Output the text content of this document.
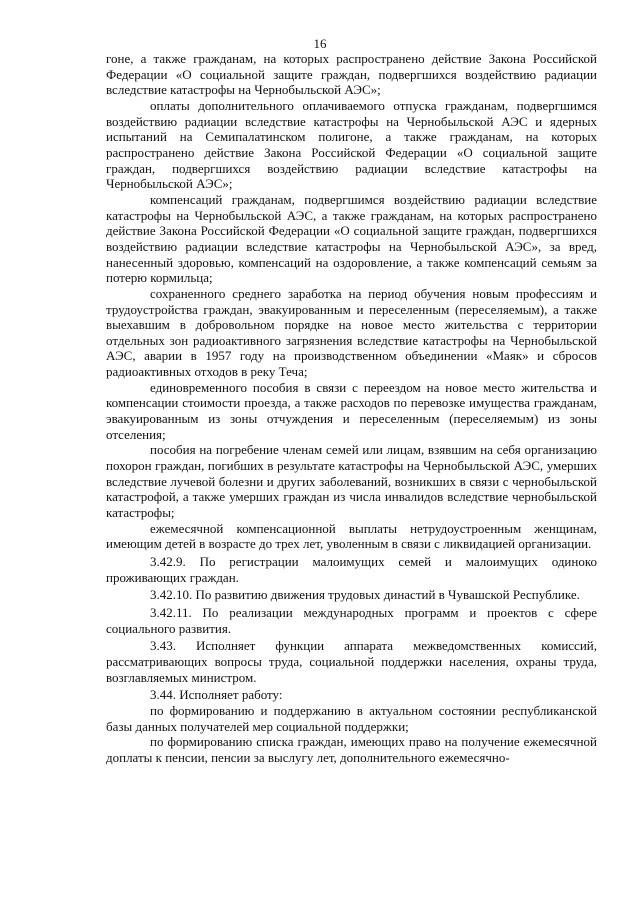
16

гоне, а также гражданам, на которых распространено действие Закона Российской Федерации «О социальной защите граждан, подвергшихся воздействию радиации вследствие катастрофы на Чернобыльской АЭС»;

оплаты дополнительного оплачиваемого отпуска гражданам, подвергшимся воздействию радиации вследствие катастрофы на Чернобыльской АЭС и ядерных испытаний на Семипалатинском полигоне, а также гражданам, на которых распространено действие Закона Российской Федерации «О социальной защите граждан, подвергшихся воздействию радиации вследствие катастрофы на Чернобыльской АЭС»;

компенсаций гражданам, подвергшимся воздействию радиации вследствие катастрофы на Чернобыльской АЭС, а также гражданам, на которых распространено действие Закона Российской Федерации «О социальной защите граждан, подвергшихся воздействию радиации вследствие катастрофы на Чернобыльской АЭС», за вред, нанесенный здоровью, компенсаций на оздоровление, а также компенсаций семьям за потерю кормильца;

сохраненного среднего заработка на период обучения новым профессиям и трудоустройства граждан, эвакуированным и переселенным (переселяемым), а также выехавшим в добровольном порядке на новое место жительства с территории отдельных зон радиоактивного загрязнения вследствие катастрофы на Чернобыльской АЭС, аварии в 1957 году на производственном объединении «Маяк» и сбросов радиоактивных отходов в реку Теча;

единовременного пособия в связи с переездом на новое место жительства и компенсации стоимости проезда, а также расходов по перевозке имущества гражданам, эвакуированным из зоны отчуждения и переселенным (переселяемым) из зоны отселения;

пособия на погребение членам семей или лицам, взявшим на себя организацию похорон граждан, погибших в результате катастрофы на Чернобыльской АЭС, умерших вследствие лучевой болезни и других заболеваний, возникших в связи с чернобыльской катастрофой, а также умерших граждан из числа инвалидов вследствие чернобыльской катастрофы;

ежемесячной компенсационной выплаты нетрудоустроенным женщинам, имеющим детей в возрасте до трех лет, уволенным в связи с ликвидацией организации.

3.42.9. По регистрации малоимущих семей и малоимущих одиноко проживающих граждан.

3.42.10. По развитию движения трудовых династий в Чувашской Республике.

3.42.11. По реализации международных программ и проектов с сфере социального развития.

3.43. Исполняет функции аппарата межведомственных комиссий, рассматривающих вопросы труда, социальной поддержки населения, охраны труда, возглавляемых министром.

3.44. Исполняет работу:

по формированию и поддержанию в актуальном состоянии республиканской базы данных получателей мер социальной поддержки;

по формированию списка граждан, имеющих право на получение ежемесячной доплаты к пенсии, пенсии за выслугу лет, дополнительного ежемесячно-
